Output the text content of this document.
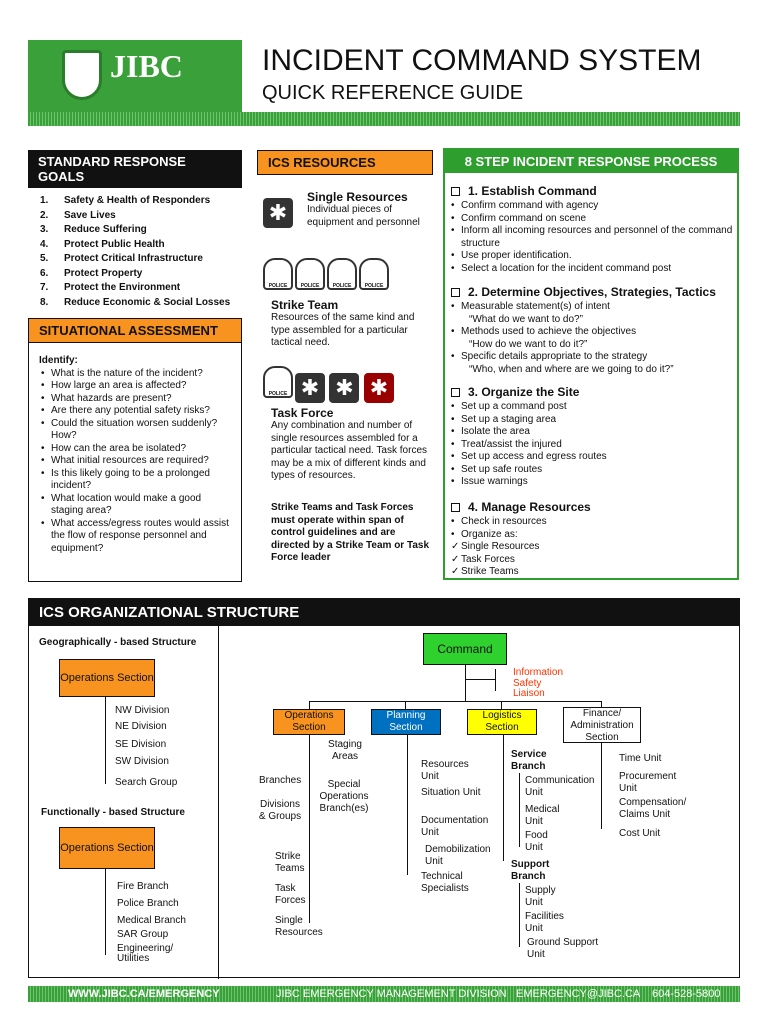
JIBC	INCIDENT COMMAND SYSTEM
QUICK REFERENCE GUIDE
STANDARD RESPONSE GOALS
1. Safety & Health of Responders
2. Save Lives
3. Reduce Suffering
4. Protect Public Health
5. Protect Critical Infrastructure
6. Protect Property
7. Protect the Environment
8. Reduce Economic & Social Losses
SITUATIONAL ASSESSMENT
Identify:
• What is the nature of the incident?
• How large an area is affected?
• What hazards are present?
• Are there any potential safety risks?
• Could the situation worsen suddenly? How?
• How can the area be isolated?
• What initial resources are required?
• Is this likely going to be a prolonged incident?
• What location would make a good staging area?
• What access/egress routes would assist the flow of response personnel and equipment?
ICS RESOURCES
✱
Single Resources
Individual pieces of equipment and personnel
POLICE	POLICE	POLICE	POLICE
Strike Team
Resources of the same kind and type assembled for a particular tactical need.
POLICE ✱ ✱ ✱
Task Force
Any combination and number of single resources assembled for a particular tactical need. Task forces may be a mix of different kinds and types of resources.
Strike Teams and Task Forces must operate within span of control guidelines and are directed by a Strike Team or Task Force leader
8 STEP INCIDENT RESPONSE PROCESS
1. Establish Command
• Confirm command with agency
• Confirm command on scene
• Inform all incoming resources and personnel of the command structure
• Use proper identification.
• Select a location for the incident command post
2. Determine Objectives, Strategies, Tactics
• Measurable statement(s) of intent
“What do we want to do?”
• Methods used to achieve the objectives
“How do we want to do it?”
• Specific details appropriate to the strategy
“Who, when and where are we going to do it?”
3. Organize the Site
• Set up a command post
• Set up a staging area
• Isolate the area
• Treat/assist the injured
• Set up access and egress routes
• Set up safe routes
• Issue warnings
4. Manage Resources
• Check in resources
• Organize as:
✓ Single Resources
✓ Task Forces
✓ Strike Teams
ICS ORGANIZATIONAL STRUCTURE
Geographically - based Structure
Operations Section
NW Division
NE Division
SE Division
SW Division
Search Group
Functionally - based Structure
Operations Section
Fire Branch
Police Branch
Medical Branch
SAR Group
Engineering/ Utilities
Command
Information
Safety
Liaison
Operations Section
Planning Section
Logistics Section
Finance/ Administration Section
Staging Areas
Branches	Special Operations Branch(es)
Divisions & Groups
Strike Teams
Task Forces
Single Resources
Resources Unit
Situation Unit
Documentation Unit
Demobilization Unit
Technical Specialists
Service Branch
Communication Unit
Medical Unit
Food Unit
Support Branch
Supply Unit
Facilities Unit
Ground Support Unit
Time Unit
Procurement Unit
Compensation/ Claims Unit
Cost Unit
WWW.JIBC.CA/EMERGENCY	JIBC EMERGENCY MANAGEMENT DIVISION EMERGENCY@JIBC.CA 604-528-5800
